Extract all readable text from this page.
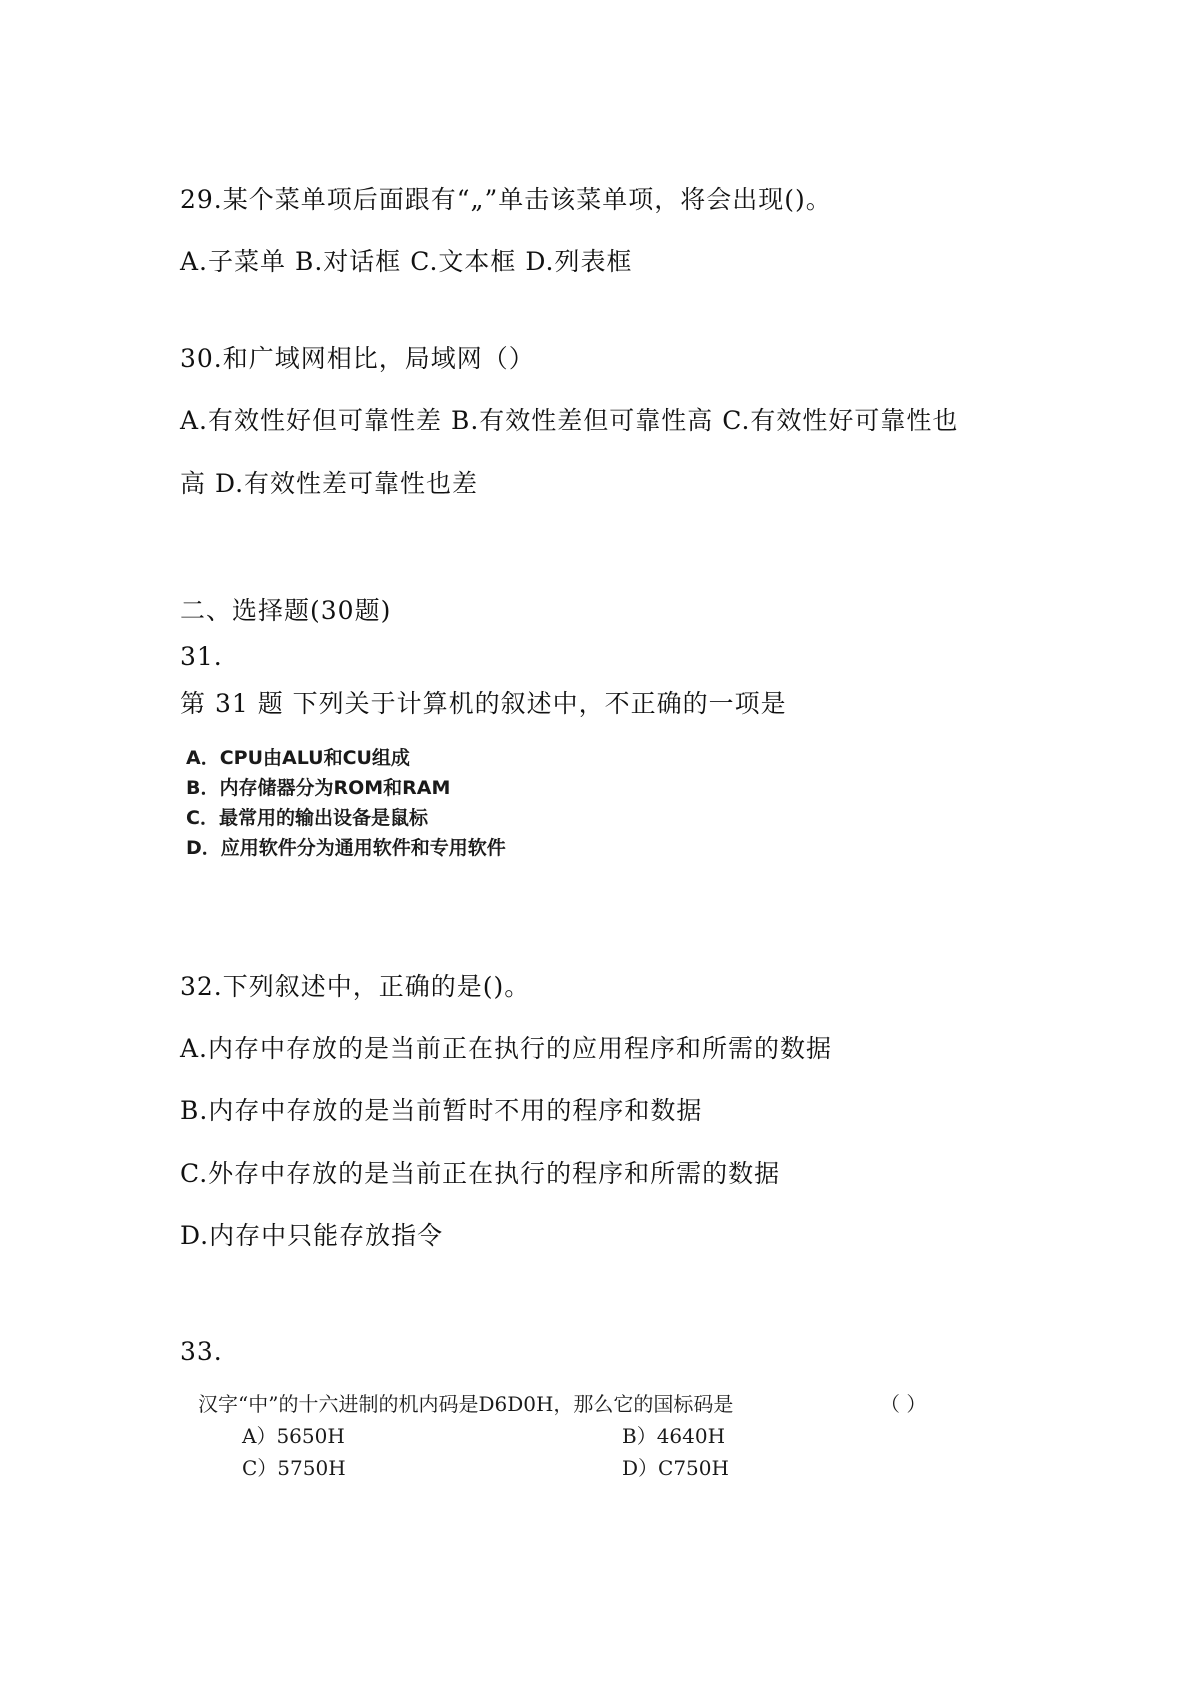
29.某个菜单项后面跟有“„”单击该菜单项，将会出现()。
A.子菜单 B.对话框 C.文本框 D.列表框
30.和广域网相比，局域网（）
A.有效性好但可靠性差 B.有效性差但可靠性高 C.有效性好可靠性也
高 D.有效性差可靠性也差
二、选择题(30题)
31.
第 31 题 下列关于计算机的叙述中，不正确的一项是
A．CPU由ALU和CU组成
B．内存储器分为ROM和RAM
C．最常用的输出设备是鼠标
D．应用软件分为通用软件和专用软件
32.下列叙述中，正确的是()。
A.内存中存放的是当前正在执行的应用程序和所需的数据
B.内存中存放的是当前暂时不用的程序和数据
C.外存中存放的是当前正在执行的程序和所需的数据
D.内存中只能存放指令
33.
汉字“中”的十六进制的机内码是D6D0H，那么它的国标码是	（ ）
A）5650H	B）4640H
C）5750H	D）C750H
